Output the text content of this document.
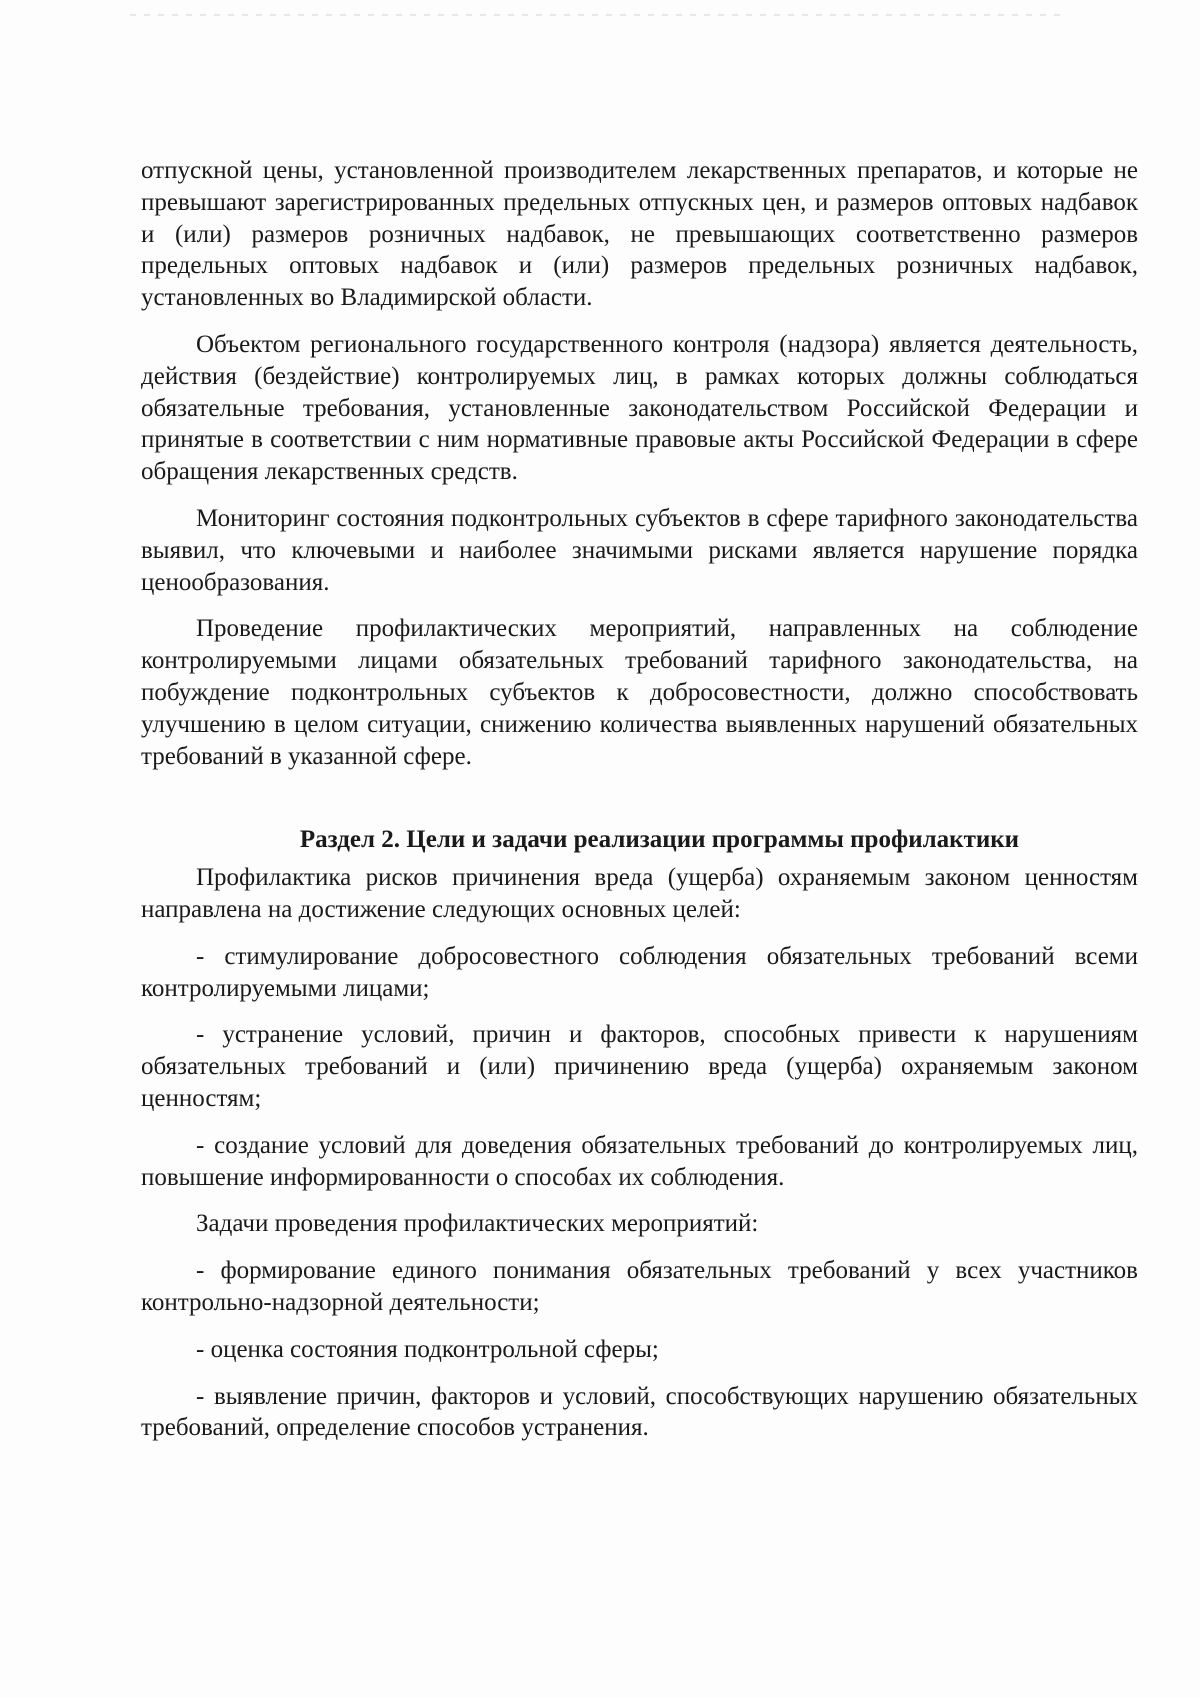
отпускной цены, установленной производителем лекарственных препаратов, и которые не превышают зарегистрированных предельных отпускных цен, и размеров оптовых надбавок и (или) размеров розничных надбавок, не превышающих соответственно размеров предельных оптовых надбавок и (или) размеров предельных розничных надбавок, установленных во Владимирской области.

Объектом регионального государственного контроля (надзора) является деятельность, действия (бездействие) контролируемых лиц, в рамках которых должны соблюдаться обязательные требования, установленные законодательством Российской Федерации и принятые в соответствии с ним нормативные правовые акты Российской Федерации в сфере обращения лекарственных средств.

Мониторинг состояния подконтрольных субъектов в сфере тарифного законодательства выявил, что ключевыми и наиболее значимыми рисками является нарушение порядка ценообразования.

Проведение профилактических мероприятий, направленных на соблюдение контролируемыми лицами обязательных требований тарифного законодательства, на побуждение подконтрольных субъектов к добросовестности, должно способствовать улучшению в целом ситуации, снижению количества выявленных нарушений обязательных требований в указанной сфере.

Раздел 2. Цели и задачи реализации программы профилактики

Профилактика рисков причинения вреда (ущерба) охраняемым законом ценностям направлена на достижение следующих основных целей:

- стимулирование добросовестного соблюдения обязательных требований всеми контролируемыми лицами;

- устранение условий, причин и факторов, способных привести к нарушениям обязательных требований и (или) причинению вреда (ущерба) охраняемым законом ценностям;

- создание условий для доведения обязательных требований до контролируемых лиц, повышение информированности о способах их соблюдения.

Задачи проведения профилактических мероприятий:

- формирование единого понимания обязательных требований у всех участников контрольно-надзорной деятельности;

- оценка состояния подконтрольной сферы;

- выявление причин, факторов и условий, способствующих нарушению обязательных требований, определение способов устранения.
